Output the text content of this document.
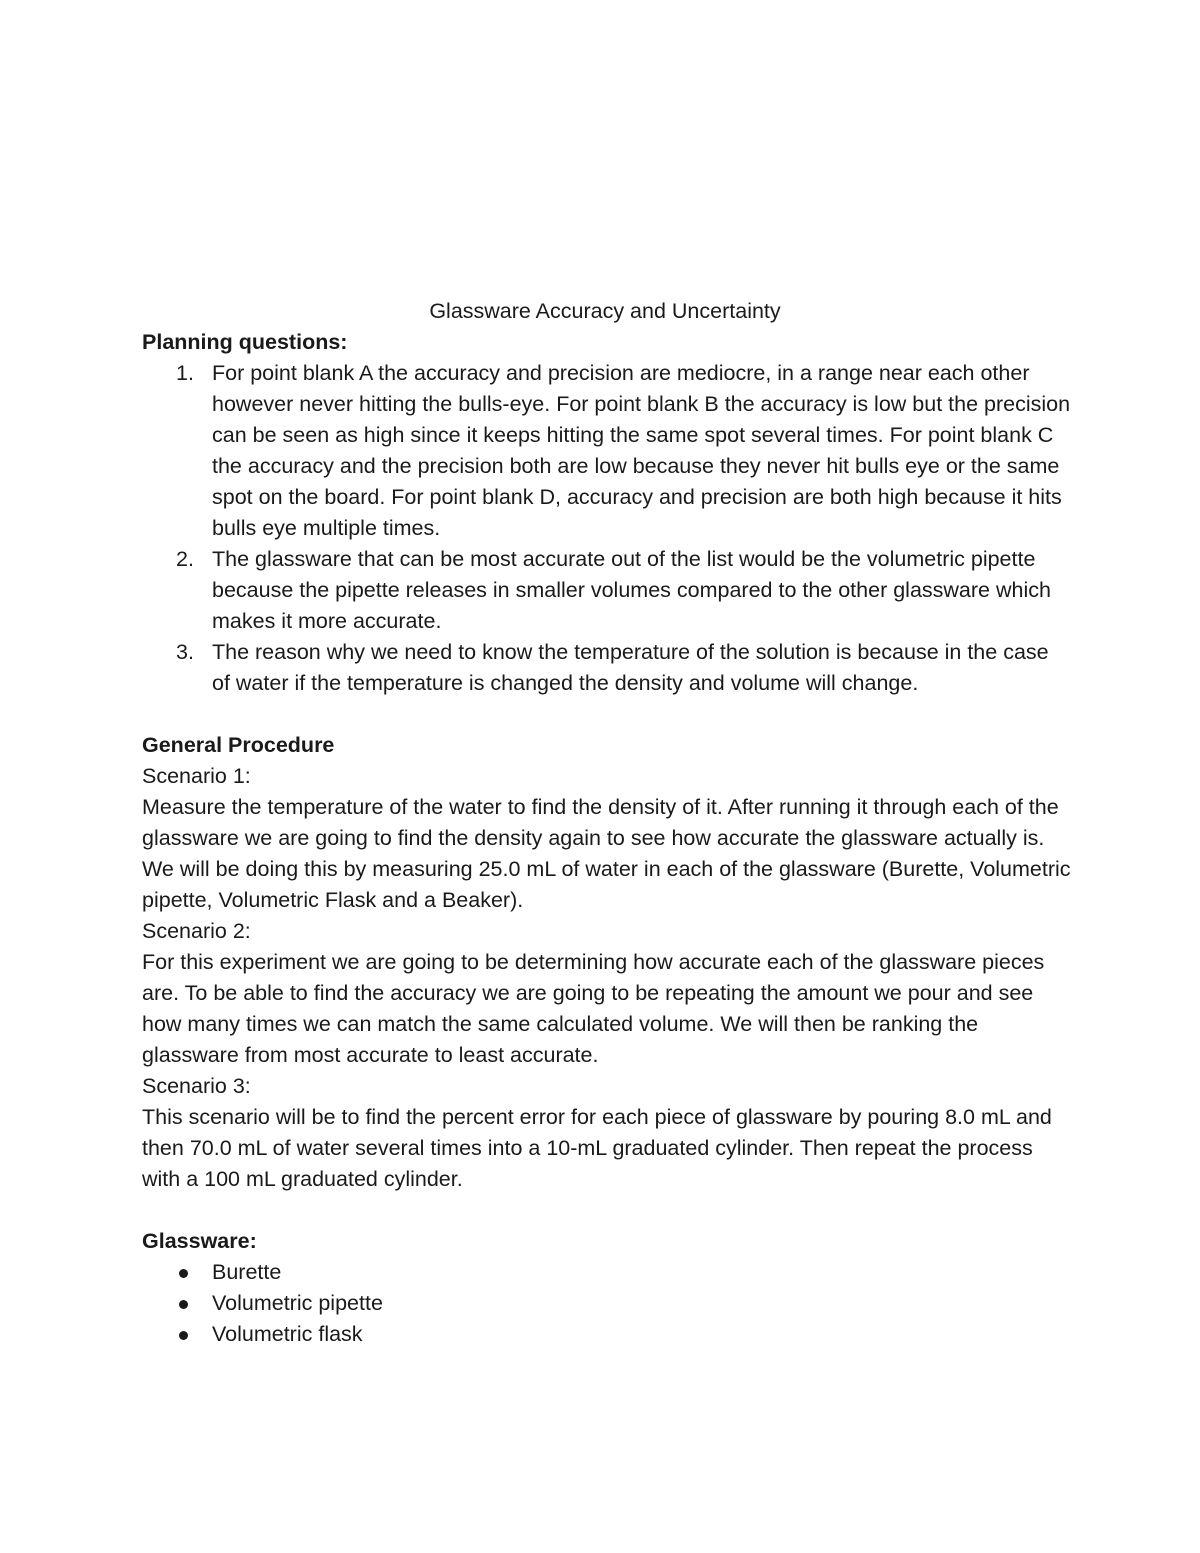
Glassware Accuracy and Uncertainty

Planning questions:

1. For point blank A the accuracy and precision are mediocre, in a range near each other however never hitting the bulls-eye. For point blank B the accuracy is low but the precision can be seen as high since it keeps hitting the same spot several times. For point blank C the accuracy and the precision both are low because they never hit bulls eye or the same spot on the board. For point blank D, accuracy and precision are both high because it hits bulls eye multiple times.
2. The glassware that can be most accurate out of the list would be the volumetric pipette because the pipette releases in smaller volumes compared to the other glassware which makes it more accurate.
3. The reason why we need to know the temperature of the solution is because in the case of water if the temperature is changed the density and volume will change.

General Procedure

Scenario 1:

Measure the temperature of the water to find the density of it. After running it through each of the glassware we are going to find the density again to see how accurate the glassware actually is. We will be doing this by measuring 25.0 mL of water in each of the glassware (Burette, Volumetric pipette, Volumetric Flask and a Beaker).

Scenario 2:

For this experiment we are going to be determining how accurate each of the glassware pieces are. To be able to find the accuracy we are going to be repeating the amount we pour and see how many times we can match the same calculated volume. We will then be ranking the glassware from most accurate to least accurate.

Scenario 3:

This scenario will be to find the percent error for each piece of glassware by pouring 8.0 mL and then 70.0 mL of water several times into a 10-mL graduated cylinder. Then repeat the process with a 100 mL graduated cylinder.

Glassware:

Burette
Volumetric pipette
Volumetric flask
